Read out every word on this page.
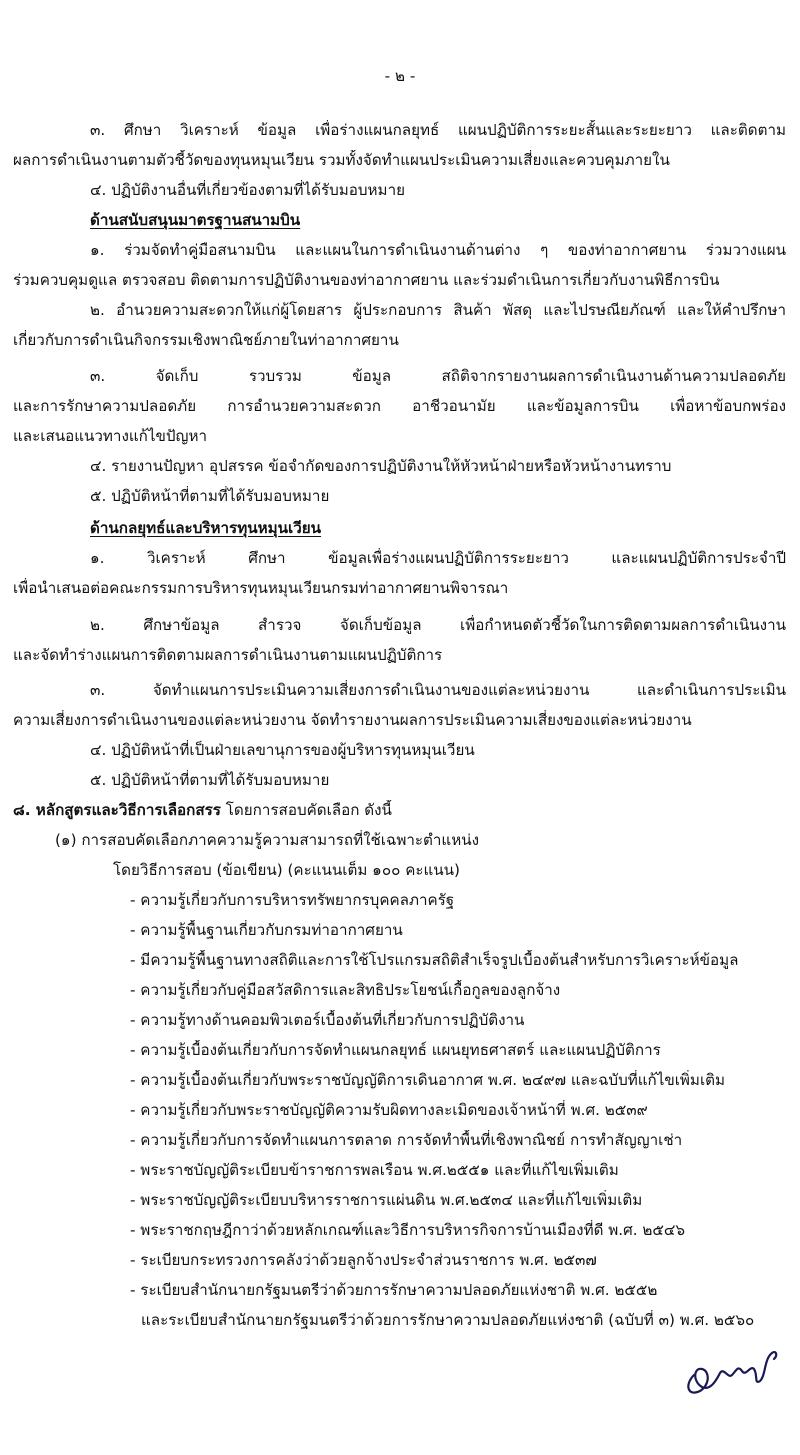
- ๒ -
๓. ศึกษา วิเคราะห์ ข้อมูล เพื่อร่างแผนกลยุทธ์ แผนปฏิบัติการระยะสั้นและระยะยาว และติดตาม
ผลการดำเนินงานตามตัวชี้วัดของทุนหมุนเวียน รวมทั้งจัดทำแผนประเมินความเสี่ยงและควบคุมภายใน
๔. ปฏิบัติงานอื่นที่เกี่ยวข้องตามที่ได้รับมอบหมาย
ด้านสนับสนุนมาตรฐานสนามบิน
๑. ร่วมจัดทำคู่มือสนามบิน และแผนในการดำเนินงานด้านต่าง ๆ ของท่าอากาศยาน ร่วมวางแผน
ร่วมควบคุมดูแล ตรวจสอบ ติดตามการปฏิบัติงานของท่าอากาศยาน และร่วมดำเนินการเกี่ยวกับงานพิธีการบิน
๒. อำนวยความสะดวกให้แก่ผู้โดยสาร ผู้ประกอบการ สินค้า พัสดุ และไปรษณียภัณฑ์ และให้คำปรึกษา
เกี่ยวกับการดำเนินกิจกรรมเชิงพาณิชย์ภายในท่าอากาศยาน
๓. จัดเก็บ รวบรวม ข้อมูล สถิติจากรายงานผลการดำเนินงานด้านความปลอดภัย
และการรักษาความปลอดภัย การอำนวยความสะดวก อาชีวอนามัย และข้อมูลการบิน เพื่อหาข้อบกพร่อง
และเสนอแนวทางแก้ไขปัญหา
๔. รายงานปัญหา อุปสรรค ข้อจำกัดของการปฏิบัติงานให้หัวหน้าฝ่ายหรือหัวหน้างานทราบ
๕. ปฏิบัติหน้าที่ตามที่ได้รับมอบหมาย
ด้านกลยุทธ์และบริหารทุนหมุนเวียน
๑. วิเคราะห์ ศึกษา ข้อมูลเพื่อร่างแผนปฏิบัติการระยะยาว และแผนปฏิบัติการประจำปี
เพื่อนำเสนอต่อคณะกรรมการบริหารทุนหมุนเวียนกรมท่าอากาศยานพิจารณา
๒. ศึกษาข้อมูล สำรวจ จัดเก็บข้อมูล เพื่อกำหนดตัวชี้วัดในการติดตามผลการดำเนินงาน
และจัดทำร่างแผนการติดตามผลการดำเนินงานตามแผนปฏิบัติการ
๓. จัดทำแผนการประเมินความเสี่ยงการดำเนินงานของแต่ละหน่วยงาน และดำเนินการประเมิน
ความเสี่ยงการดำเนินงานของแต่ละหน่วยงาน จัดทำรายงานผลการประเมินความเสี่ยงของแต่ละหน่วยงาน
๔. ปฏิบัติหน้าที่เป็นฝ่ายเลขานุการของผู้บริหารทุนหมุนเวียน
๕. ปฏิบัติหน้าที่ตามที่ได้รับมอบหมาย
๘. หลักสูตรและวิธีการเลือกสรร โดยการสอบคัดเลือก ดังนี้
(๑) การสอบคัดเลือกภาคความรู้ความสามารถที่ใช้เฉพาะตำแหน่ง
โดยวิธีการสอบ (ข้อเขียน) (คะแนนเต็ม ๑๐๐ คะแนน)
- ความรู้เกี่ยวกับการบริหารทรัพยากรบุคคลภาครัฐ
- ความรู้พื้นฐานเกี่ยวกับกรมท่าอากาศยาน
- มีความรู้พื้นฐานทางสถิติและการใช้โปรแกรมสถิติสำเร็จรูปเบื้องต้นสำหรับการวิเคราะห์ข้อมูล
- ความรู้เกี่ยวกับคู่มือสวัสดิการและสิทธิประโยชน์เกื้อกูลของลูกจ้าง
- ความรู้ทางด้านคอมพิวเตอร์เบื้องต้นที่เกี่ยวกับการปฏิบัติงาน
- ความรู้เบื้องต้นเกี่ยวกับการจัดทำแผนกลยุทธ์ แผนยุทธศาสตร์ และแผนปฏิบัติการ
- ความรู้เบื้องต้นเกี่ยวกับพระราชบัญญัติการเดินอากาศ พ.ศ. ๒๔๙๗ และฉบับที่แก้ไขเพิ่มเติม
- ความรู้เกี่ยวกับพระราชบัญญัติความรับผิดทางละเมิดของเจ้าหน้าที่ พ.ศ. ๒๕๓๙
- ความรู้เกี่ยวกับการจัดทำแผนการตลาด การจัดทำพื้นที่เชิงพาณิชย์ การทำสัญญาเช่า
- พระราชบัญญัติระเบียบข้าราชการพลเรือน พ.ศ.๒๕๕๑ และที่แก้ไขเพิ่มเติม
- พระราชบัญญัติระเบียบบริหารราชการแผ่นดิน พ.ศ.๒๕๓๔ และที่แก้ไขเพิ่มเติม
- พระราชกฤษฎีกาว่าด้วยหลักเกณฑ์และวิธีการบริหารกิจการบ้านเมืองที่ดี พ.ศ. ๒๕๔๖
- ระเบียบกระทรวงการคลังว่าด้วยลูกจ้างประจำส่วนราชการ พ.ศ. ๒๕๓๗
- ระเบียบสำนักนายกรัฐมนตรีว่าด้วยการรักษาความปลอดภัยแห่งชาติ พ.ศ. ๒๕๕๒
และระเบียบสำนักนายกรัฐมนตรีว่าด้วยการรักษาความปลอดภัยแห่งชาติ (ฉบับที่ ๓) พ.ศ. ๒๕๖๐
